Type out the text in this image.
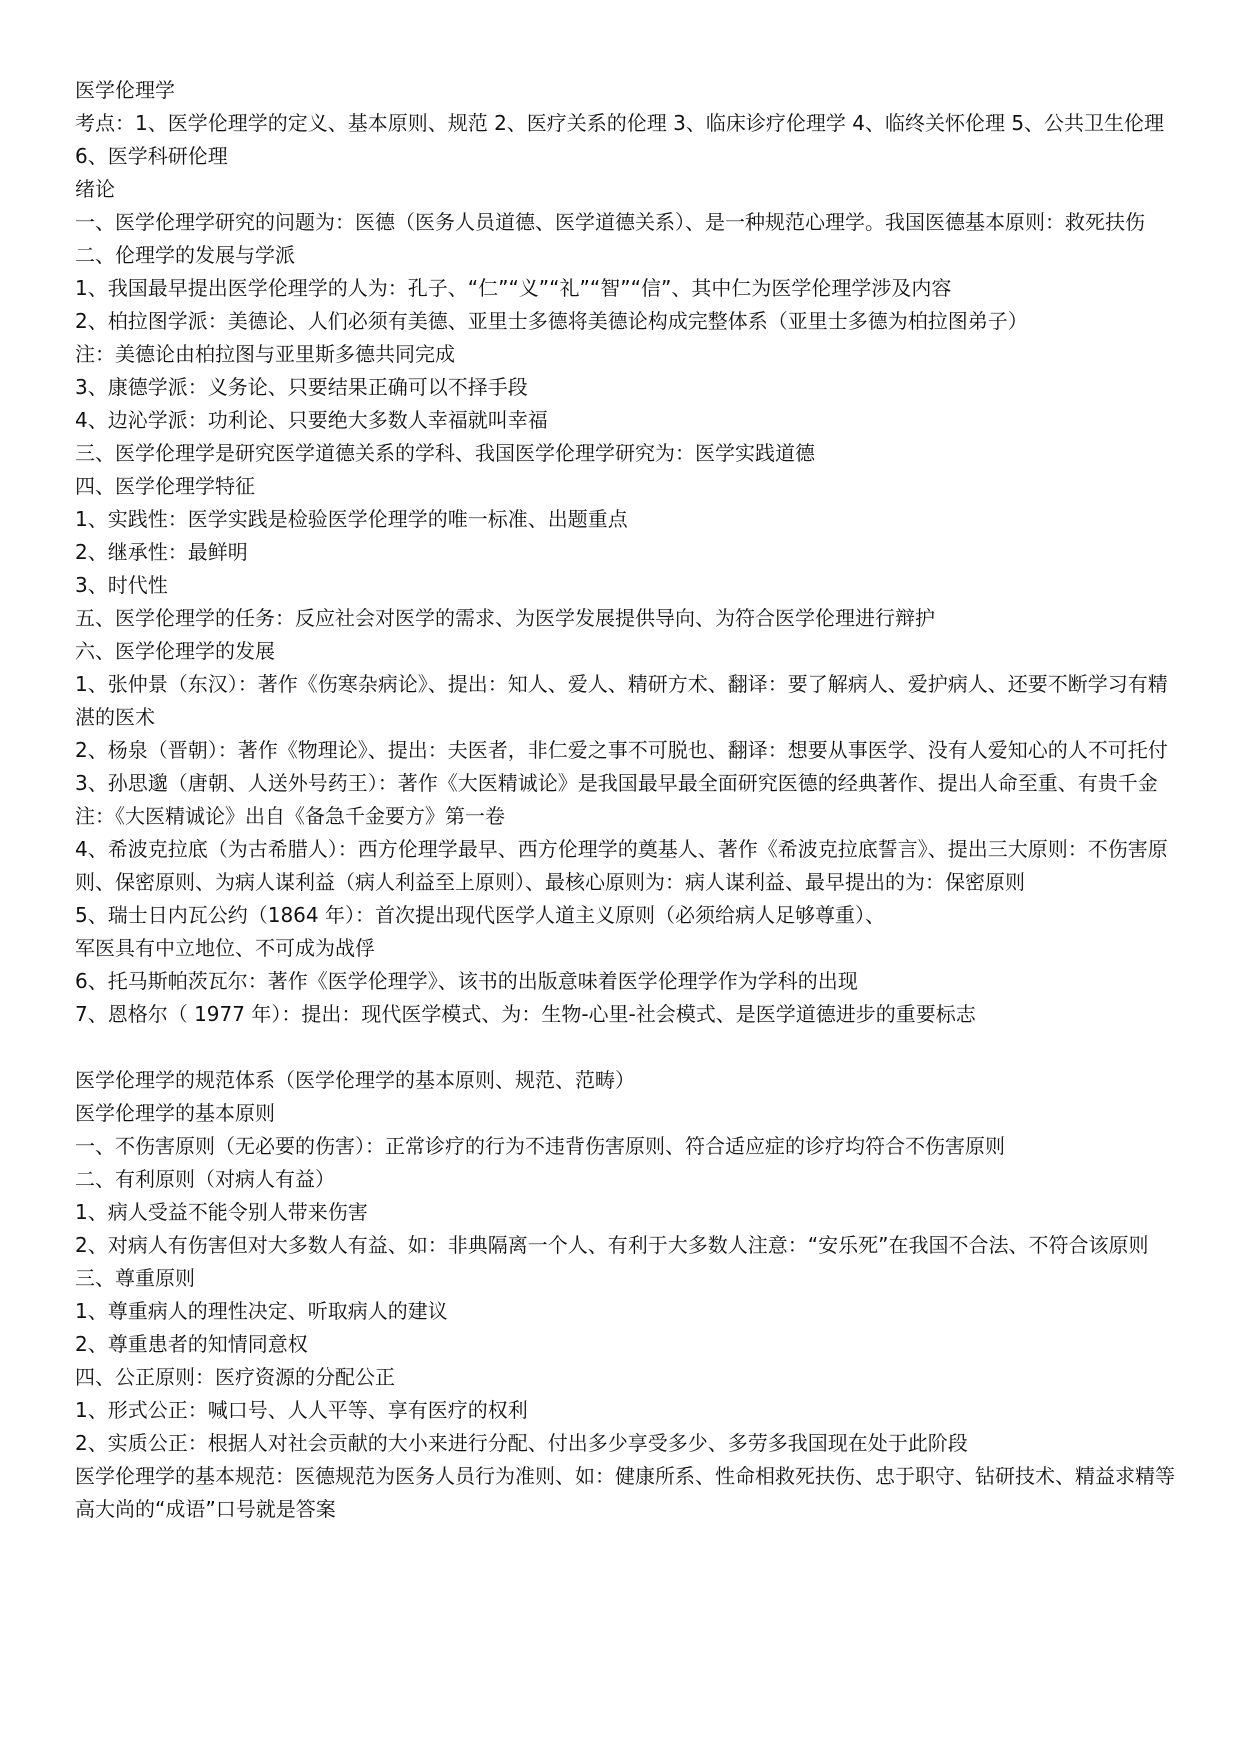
医学伦理学

考点：1、医学伦理学的定义、基本原则、规范 2、医疗关系的伦理 3、临床诊疗伦理学 4、临终关怀伦理 5、公共卫生伦理 6、医学科研伦理

绪论

一、医学伦理学研究的问题为：医德（医务人员道德、医学道德关系）、是一种规范心理学。我国医德基本原则：救死扶伤

二、伦理学的发展与学派

1、我国最早提出医学伦理学的人为：孔子、“仁”“义”“礼”“智”“信”、其中仁为医学伦理学涉及内容

2、柏拉图学派：美德论、人们必须有美德、亚里士多德将美德论构成完整体系（亚里士多德为柏拉图弟子）

注：美德论由柏拉图与亚里斯多德共同完成

3、康德学派：义务论、只要结果正确可以不择手段

4、边沁学派：功利论、只要绝大多数人幸福就叫幸福

三、医学伦理学是研究医学道德关系的学科、我国医学伦理学研究为：医学实践道德

四、医学伦理学特征

1、实践性：医学实践是检验医学伦理学的唯一标准、出题重点

2、继承性：最鲜明

3、时代性

五、医学伦理学的任务：反应社会对医学的需求、为医学发展提供导向、为符合医学伦理进行辩护

六、医学伦理学的发展

1、张仲景（东汉）：著作《伤寒杂病论》、提出：知人、爱人、精研方术、翻译：要了解病人、爱护病人、还要不断学习有精湛的医术

2、杨泉（晋朝）：著作《物理论》、提出：夫医者，非仁爱之事不可脱也、翻译：想要从事医学、没有人爱知心的人不可托付

3、孙思邈（唐朝、人送外号药王）：著作《大医精诚论》是我国最早最全面研究医德的经典著作、提出人命至重、有贵千金

注：《大医精诚论》出自《备急千金要方》第一卷

4、希波克拉底（为古希腊人）：西方伦理学最早、西方伦理学的奠基人、著作《希波克拉底誓言》、提出三大原则：不伤害原则、保密原则、为病人谋利益（病人利益至上原则）、最核心原则为：病人谋利益、最早提出的为：保密原则

5、瑞士日内瓦公约（1864 年）：首次提出现代医学人道主义原则（必须给病人足够尊重）、

军医具有中立地位、不可成为战俘

6、托马斯帕茨瓦尔：著作《医学伦理学》、该书的出版意味着医学伦理学作为学科的出现

7、恩格尔（ 1977 年）：提出：现代医学模式、为：生物-心里-社会模式、是医学道德进步的重要标志

医学伦理学的规范体系（医学伦理学的基本原则、规范、范畴）

医学伦理学的基本原则

一、不伤害原则（无必要的伤害）：正常诊疗的行为不违背伤害原则、符合适应症的诊疗均符合不伤害原则

二、有利原则（对病人有益）

1、病人受益不能令别人带来伤害

2、对病人有伤害但对大多数人有益、如：非典隔离一个人、有利于大多数人注意：“安乐死”在我国不合法、不符合该原则

三、尊重原则

1、尊重病人的理性决定、听取病人的建议

2、尊重患者的知情同意权

四、公正原则：医疗资源的分配公正

1、形式公正：喊口号、人人平等、享有医疗的权利

2、实质公正：根据人对社会贡献的大小来进行分配、付出多少享受多少、多劳多我国现在处于此阶段

医学伦理学的基本规范：医德规范为医务人员行为准则、如：健康所系、性命相救死扶伤、忠于职守、钻研技术、精益求精等高大尚的“成语”口号就是答案
